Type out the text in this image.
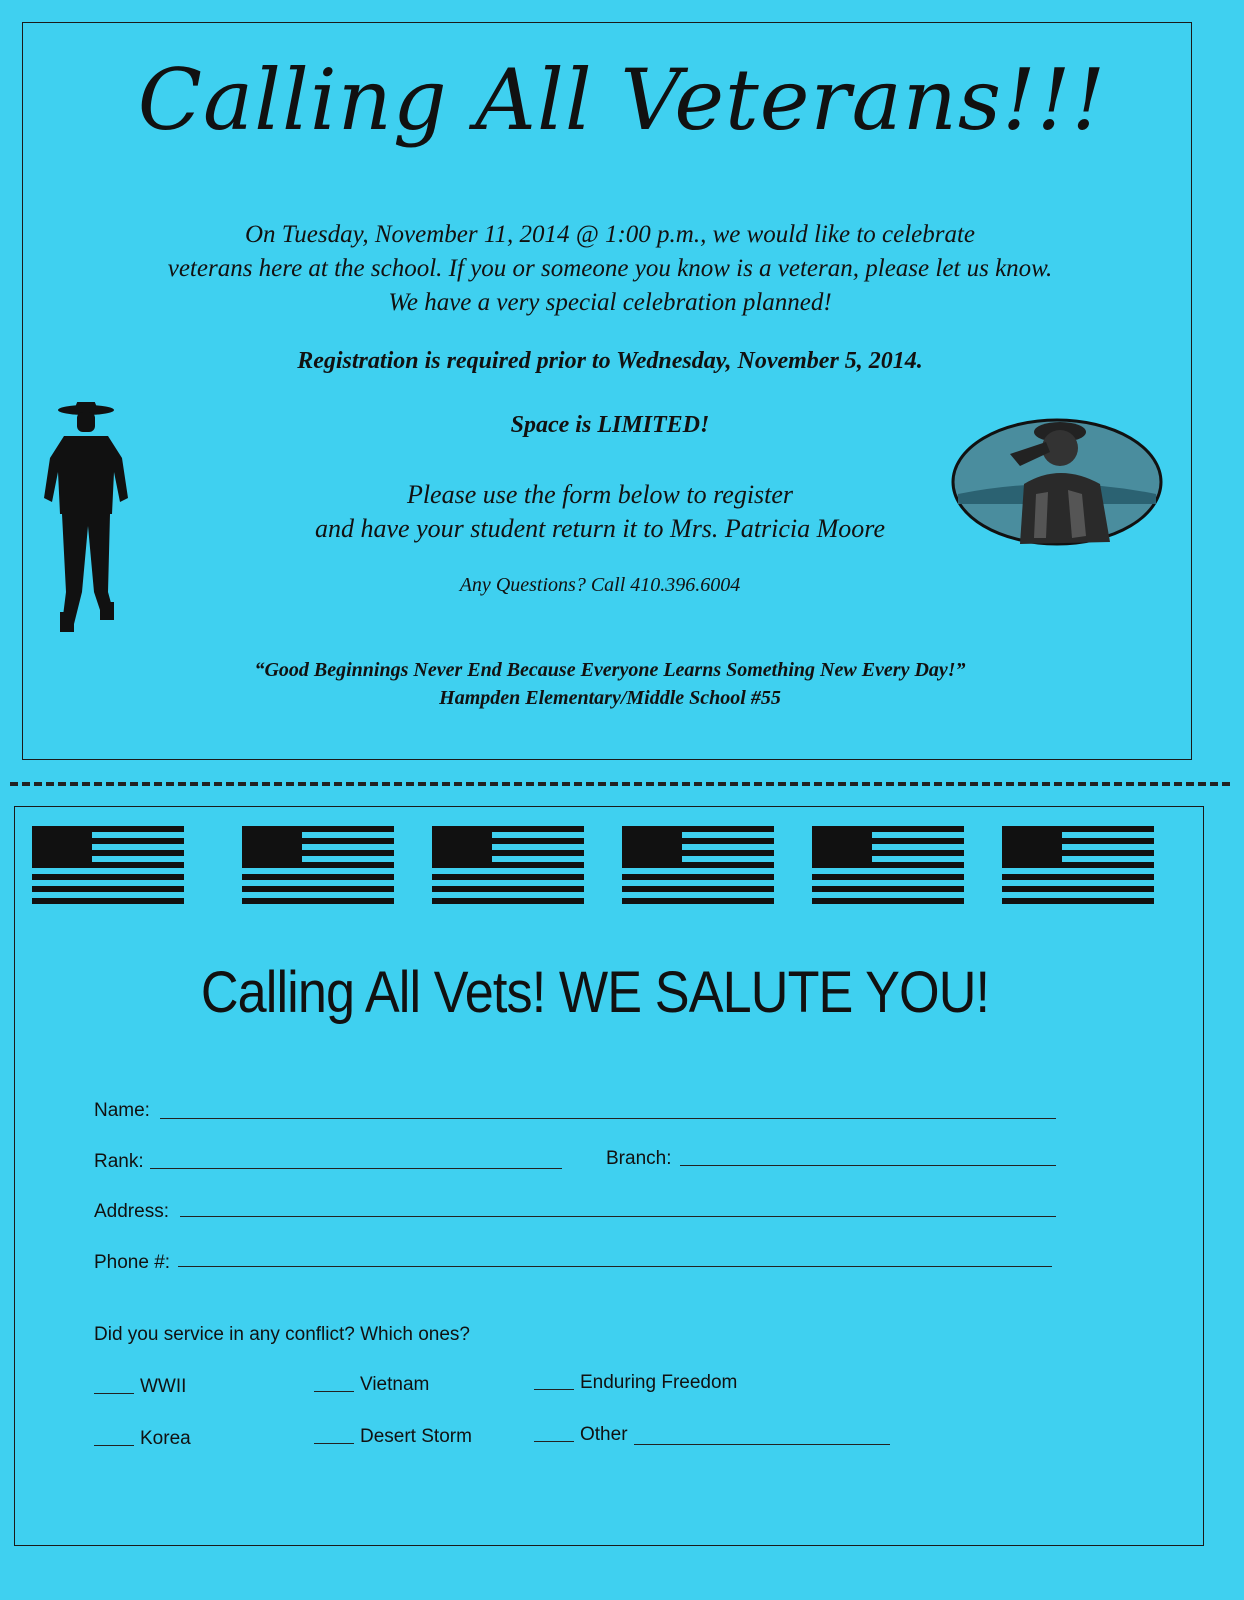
Calling All Veterans!!!
On Tuesday, November 11, 2014 @ 1:00 p.m., we would like to celebrate
veterans here at the school. If you or someone you know is a veteran, please let us know.
We have a very special celebration planned!
Registration is required prior to Wednesday, November 5, 2014.
Space is LIMITED!
Please use the form below to register
and have your student return it to Mrs. Patricia Moore
Any Questions? Call 410.396.6004
“Good Beginnings Never End Because Everyone Learns Something New Every Day!”
Hampden Elementary/Middle School #55
Calling All Vets! WE SALUTE YOU!
Name:
Rank:	Branch:
Address:
Phone #:
Did you service in any conflict? Which ones?
WWII	Vietnam	Enduring Freedom
Korea	Desert Storm	Other
